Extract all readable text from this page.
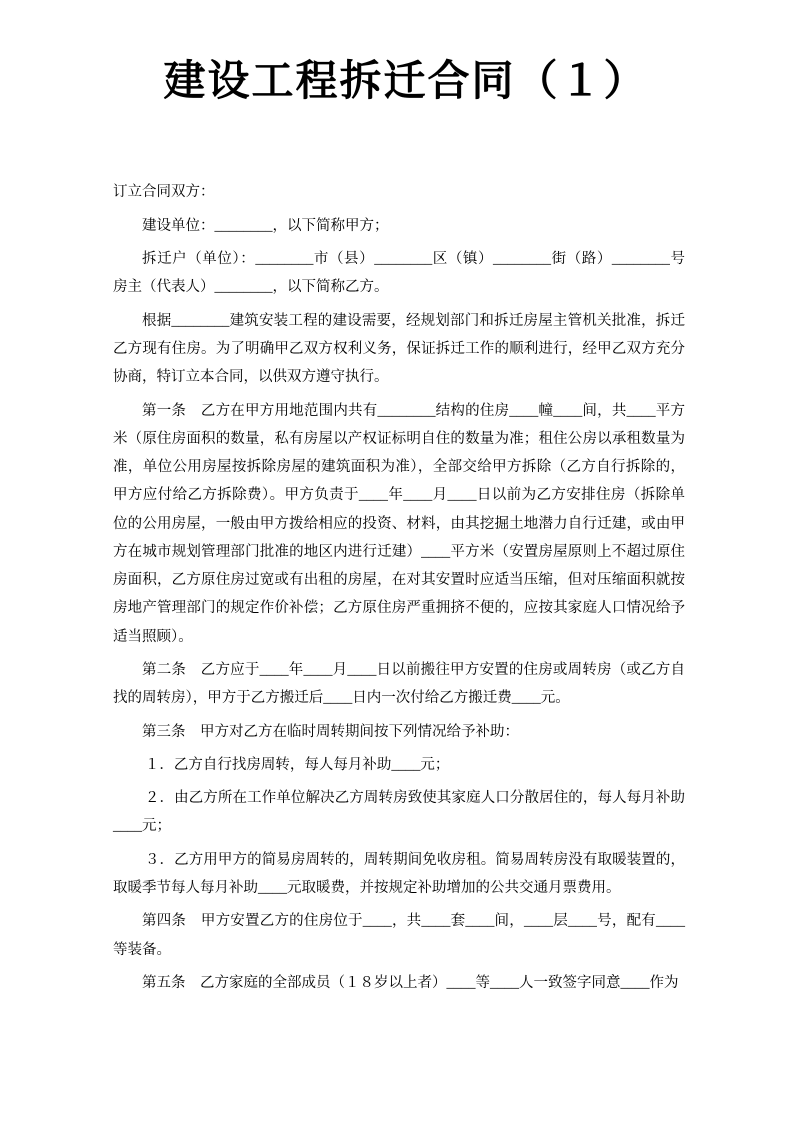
建设工程拆迁合同（１）

订立合同双方：

建设单位：________，以下简称甲方；

拆迁户（单位）：________市（县）________区（镇）________街（路）________号房主（代表人）________，以下简称乙方。

根据________建筑安装工程的建设需要，经规划部门和拆迁房屋主管机关批准，拆迁乙方现有住房。为了明确甲乙双方权利义务，保证拆迁工作的顺利进行，经甲乙双方充分协商，特订立本合同，以供双方遵守执行。

第一条　乙方在甲方用地范围内共有________结构的住房____幢____间，共____平方米（原住房面积的数量，私有房屋以产权证标明自住的数量为准；租住公房以承租数量为准，单位公用房屋按拆除房屋的建筑面积为准），全部交给甲方拆除（乙方自行拆除的，甲方应付给乙方拆除费）。甲方负责于____年____月____日以前为乙方安排住房（拆除单位的公用房屋，一般由甲方拨给相应的投资、材料，由其挖掘土地潜力自行迁建，或由甲方在城市规划管理部门批准的地区内进行迁建）____平方米（安置房屋原则上不超过原住房面积，乙方原住房过宽或有出租的房屋，在对其安置时应适当压缩，但对压缩面积就按房地产管理部门的规定作价补偿；乙方原住房严重拥挤不便的，应按其家庭人口情况给予适当照顾）。

第二条　乙方应于____年____月____日以前搬往甲方安置的住房或周转房（或乙方自找的周转房），甲方于乙方搬迁后____日内一次付给乙方搬迁费____元。

第三条　甲方对乙方在临时周转期间按下列情况给予补助：

１．乙方自行找房周转，每人每月补助____元；

２．由乙方所在工作单位解决乙方周转房致使其家庭人口分散居住的，每人每月补助____元；

３．乙方用甲方的简易房周转的，周转期间免收房租。简易周转房没有取暖装置的，取暖季节每人每月补助____元取暖费，并按规定补助增加的公共交通月票费用。

第四条　甲方安置乙方的住房位于____，共____套____间，____层____号，配有____等装备。

第五条　乙方家庭的全部成员（１８岁以上者）____等____人一致签字同意____作为
